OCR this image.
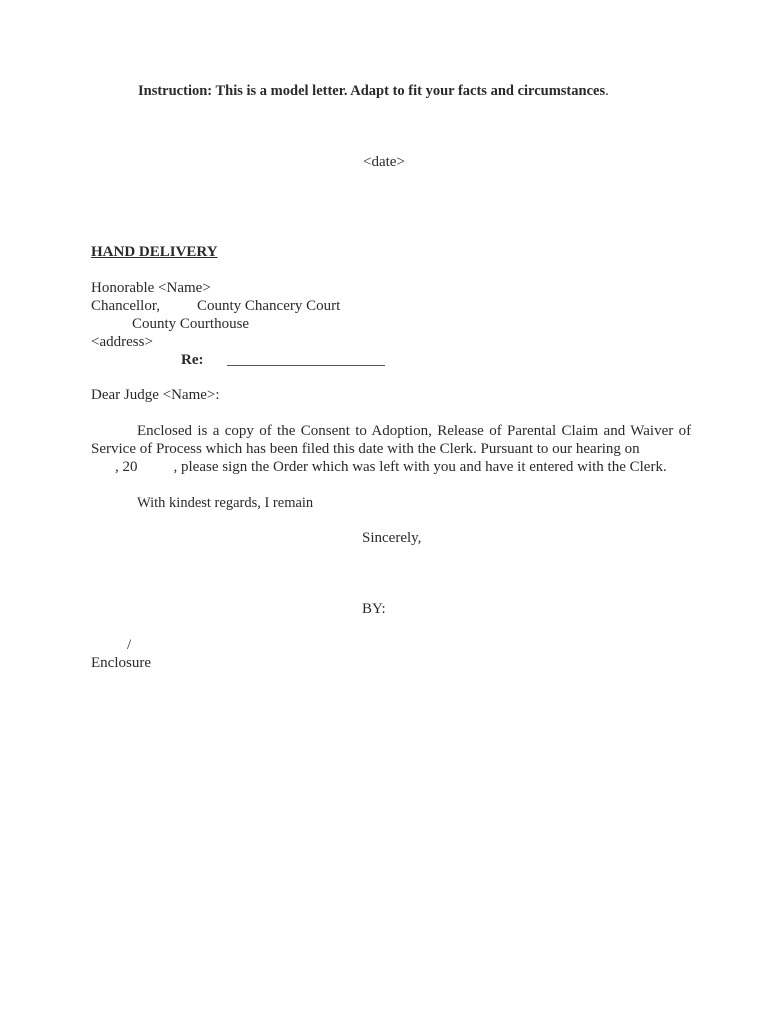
Instruction: This is a model letter. Adapt to fit your facts and circumstances.
<date>
HAND DELIVERY
Honorable <Name>
Chancellor, County Chancery Court
County Courthouse
<address>
Re:
Dear Judge <Name>:
Enclosed is a copy of the Consent to Adoption, Release of Parental Claim and Waiver of
Service of Process which has been filed this date with the Clerk. Pursuant to our hearing on
, 20 , please sign the Order which was left with you and have it entered with the Clerk.
With kindest regards, I remain
Sincerely,
BY:
/
Enclosure
